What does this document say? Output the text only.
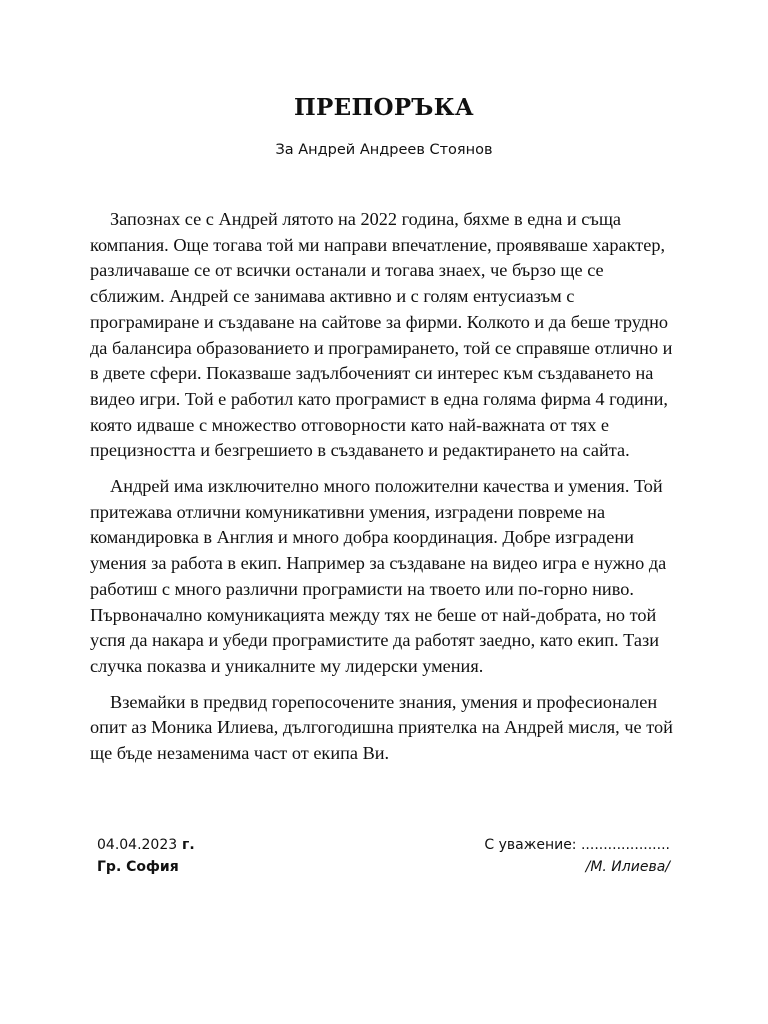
ПРЕПОРЪКА
За Андрей Андреев Стоянов

Запознах се с Андрей лятото на 2022 година, бяхме в една и съща компания. Още тогава той ми направи впечатление, проявяваше характер, различаваше се от всички останали и тогава знаех, че бързо ще се сближим. Андрей се занимава активно и с голям ентусиазъм с програмиране и създаване на сайтове за фирми. Колкото и да беше трудно да балансира образованието и програмирането, той се справяше отлично и в двете сфери. Показваше задълбоченият си интерес към създаването на видео игри. Той е работил като програмист в една голяма фирма 4 години, която идваше с множество отговорности като най-важната от тях е прецизността и безгрешието в създаването и редактирането на сайта.

Андрей има изключително много положителни качества и умения. Той притежава отлични комуникативни умения, изградени повреме на командировка в Англия и много добра координация. Добре изградени умения за работа в екип. Например за създаване на видео игра е нужно да работиш с много различни програмисти на твоето или по-горно ниво. Първоначално комуникацията между тях не беше от най-добрата, но той успя да накара и убеди програмистите да работят заедно, като екип. Тази случка показва и уникалните му лидерски умения.

Вземайки в предвид горепосочените знания, умения и професионален опит аз Моника Илиева, дългогодишна приятелка на Андрей мисля, че той ще бъде незаменима част от екипа Ви.

04.04.2023 г.
Гр. София
С уважение: ....................
/М. Илиева/
